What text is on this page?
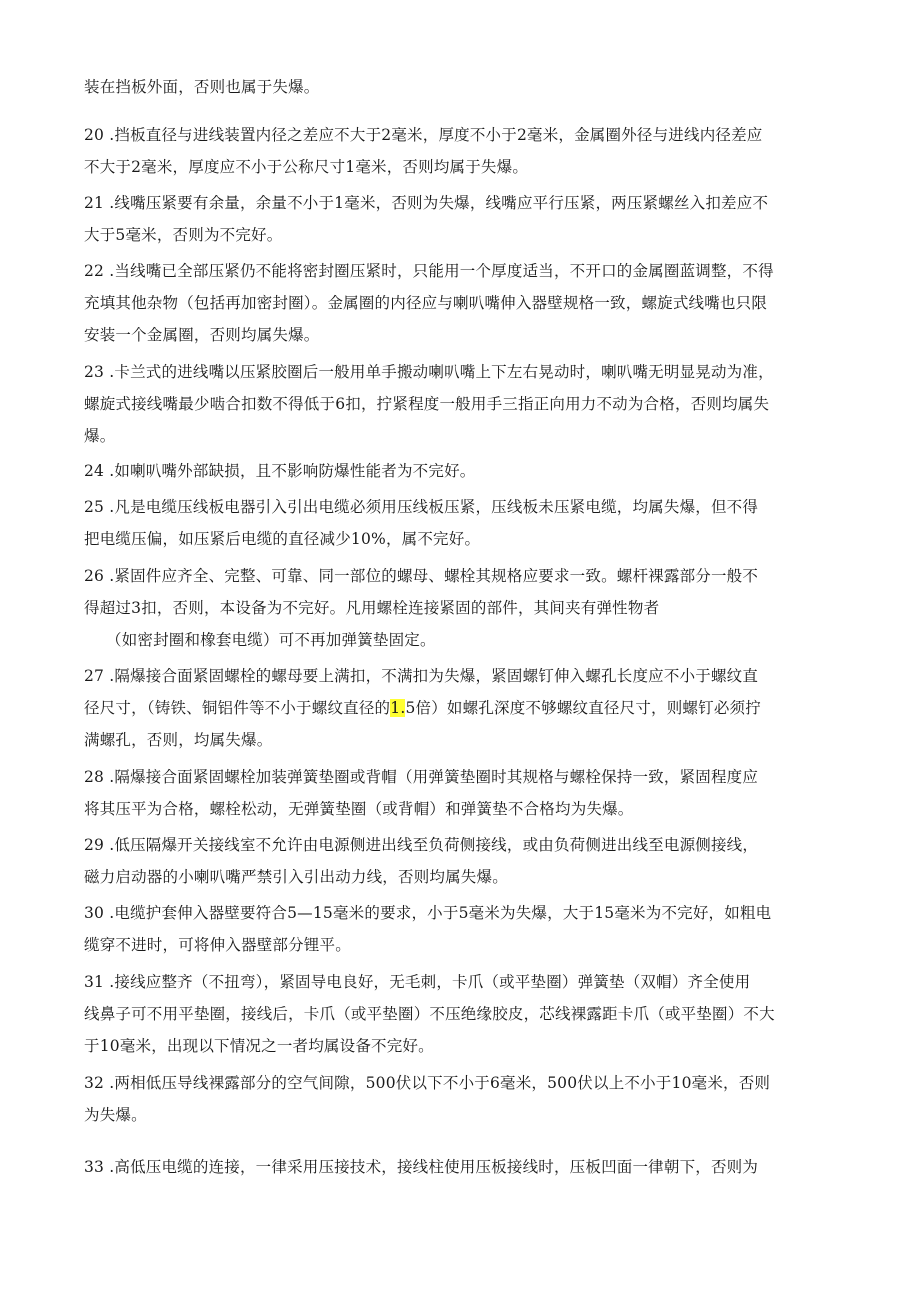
装在挡板外面，否则也属于失爆。
20 .挡板直径与进线装置内径之差应不大于2毫米，厚度不小于2毫米，金属圈外径与进线内径差应
不大于2毫米，厚度应不小于公称尺寸1毫米，否则均属于失爆。
21 .线嘴压紧要有余量，余量不小于1毫米，否则为失爆，线嘴应平行压紧，两压紧螺丝入扣差应不
大于5毫米，否则为不完好。
22 .当线嘴已全部压紧仍不能将密封圈压紧时，只能用一个厚度适当，不开口的金属圈蓝调整，不得
充填其他杂物（包括再加密封圈）。金属圈的内径应与喇叭嘴伸入器壁规格一致，螺旋式线嘴也只限
安装一个金属圈，否则均属失爆。
23 .卡兰式的进线嘴以压紧胶圈后一般用单手搬动喇叭嘴上下左右晃动时，喇叭嘴无明显晃动为准，
螺旋式接线嘴最少啮合扣数不得低于6扣，拧紧程度一般用手三指正向用力不动为合格，否则均属失
爆。
24 .如喇叭嘴外部缺损，且不影响防爆性能者为不完好。
25 .凡是电缆压线板电器引入引出电缆必须用压线板压紧，压线板未压紧电缆，均属失爆，但不得
把电缆压偏，如压紧后电缆的直径减少10%，属不完好。
26 .紧固件应齐全、完整、可靠、同一部位的螺母、螺栓其规格应要求一致。螺杆裸露部分一般不
得超过3扣，否则，本设备为不完好。凡用螺栓连接紧固的部件，其间夹有弹性物者
（如密封圈和橡套电缆）可不再加弹簧垫固定。
27 .隔爆接合面紧固螺栓的螺母要上满扣，不满扣为失爆，紧固螺钉伸入螺孔长度应不小于螺纹直
径尺寸，（铸铁、铜铝件等不小于螺纹直径的1.5倍）如螺孔深度不够螺纹直径尺寸，则螺钉必须拧
满螺孔，否则，均属失爆。
28 .隔爆接合面紧固螺栓加装弹簧垫圈或背帽（用弹簧垫圈时其规格与螺栓保持一致，紧固程度应
将其压平为合格，螺栓松动，无弹簧垫圈（或背帽）和弹簧垫不合格均为失爆。
29 .低压隔爆开关接线室不允许由电源侧进出线至负荷侧接线，或由负荷侧进出线至电源侧接线，
磁力启动器的小喇叭嘴严禁引入引出动力线，否则均属失爆。
30 .电缆护套伸入器壁要符合5—15毫米的要求，小于5毫米为失爆，大于15毫米为不完好，如粗电
缆穿不进时，可将伸入器壁部分锂平。
31 .接线应整齐（不扭弯），紧固导电良好，无毛刺，卡爪（或平垫圈）弹簧垫（双帽）齐全使用
线鼻子可不用平垫圈，接线后，卡爪（或平垫圈）不压绝缘胶皮，芯线裸露距卡爪（或平垫圈）不大
于10毫米，出现以下情况之一者均属设备不完好。
32 .两相低压导线裸露部分的空气间隙，500伏以下不小于6毫米，500伏以上不小于10毫米，否则
为失爆。
33 .高低压电缆的连接，一律采用压接技术，接线柱使用压板接线时，压板凹面一律朝下，否则为
